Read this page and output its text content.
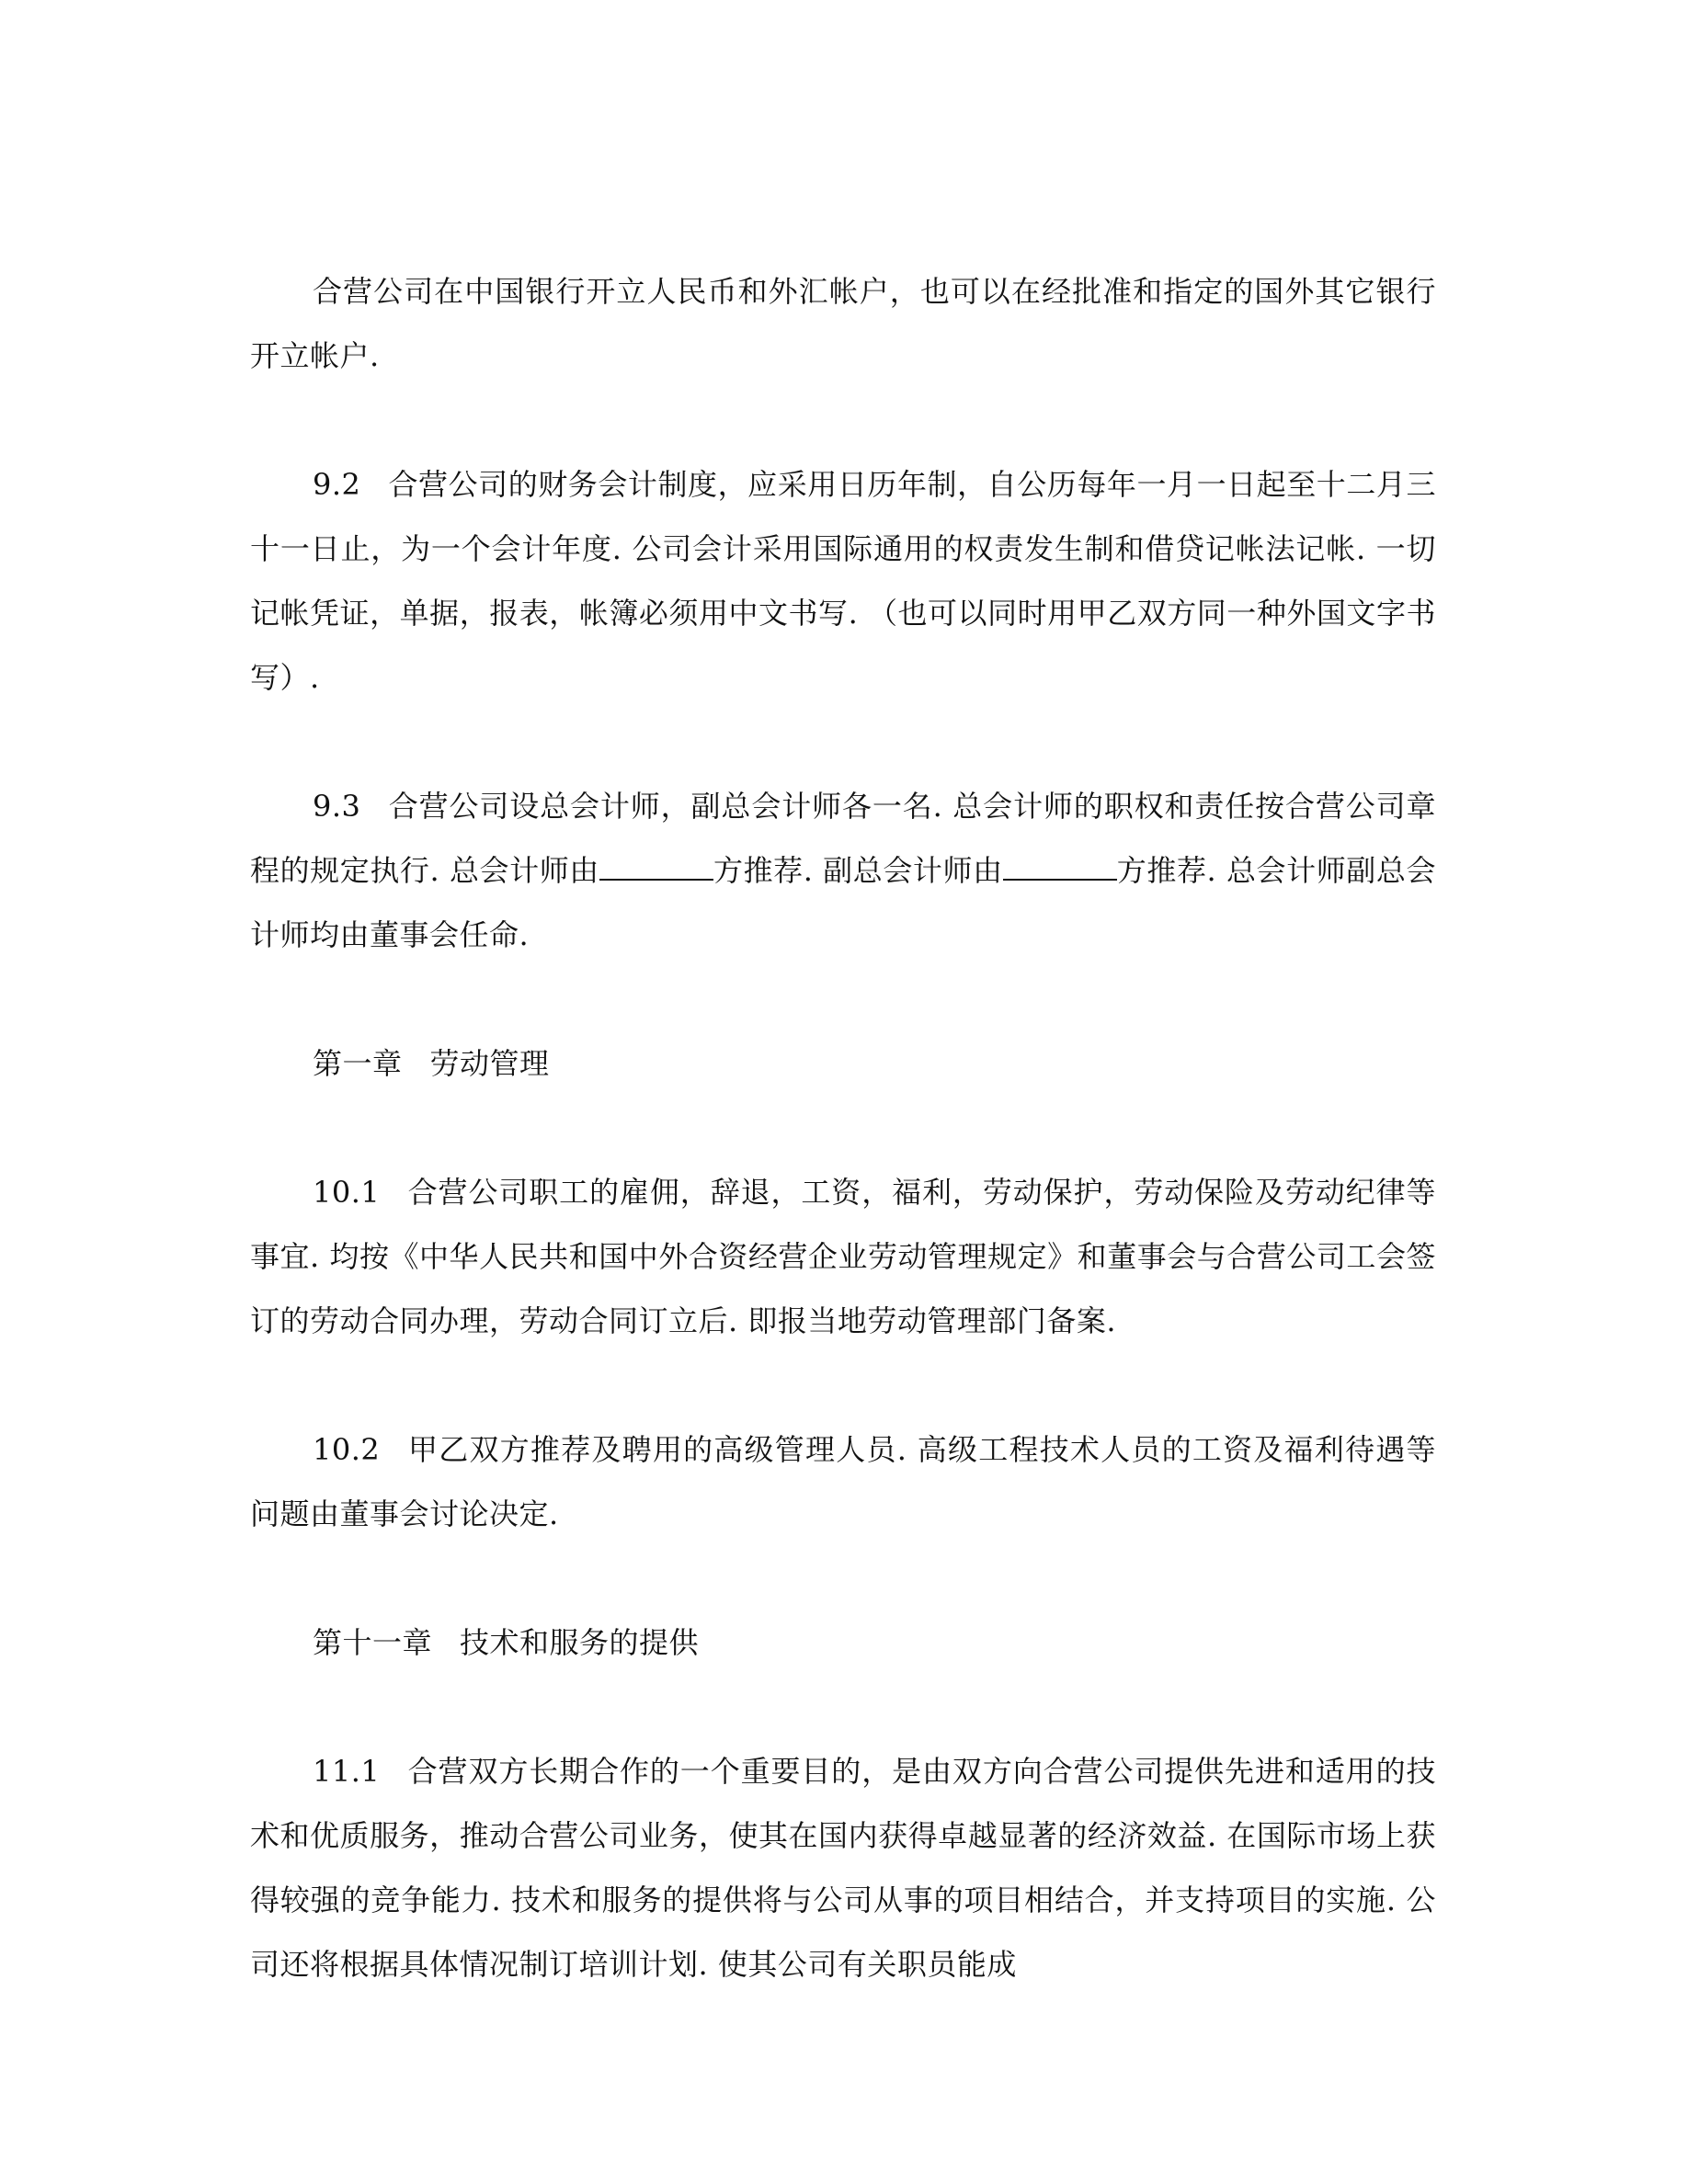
合营公司在中国银行开立人民币和外汇帐户，也可以在经批准和指定的国外其它银行开立帐户.

9.2 合营公司的财务会计制度，应采用日历年制，自公历每年一月一日起至十二月三十一日止，为一个会计年度. 公司会计采用国际通用的权责发生制和借贷记帐法记帐. 一切记帐凭证，单据，报表，帐簿必须用中文书写. （也可以同时用甲乙双方同一种外国文字书写）.

9.3 合营公司设总会计师，副总会计师各一名. 总会计师的职权和责任按合营公司章程的规定执行. 总会计师由	方推荐. 副总会计师由	方推荐. 总会计师副总会计师均由董事会任命.

第一章 劳动管理

10.1 合营公司职工的雇佣，辞退，工资，福利，劳动保护，劳动保险及劳动纪律等事宜. 均按《中华人民共和国中外合资经营企业劳动管理规定》和董事会与合营公司工会签订的劳动合同办理，劳动合同订立后. 即报当地劳动管理部门备案.

10.2 甲乙双方推荐及聘用的高级管理人员. 高级工程技术人员的工资及福利待遇等问题由董事会讨论决定.

第十一章 技术和服务的提供

11.1 合营双方长期合作的一个重要目的，是由双方向合营公司提供先进和适用的技术和优质服务，推动合营公司业务，使其在国内获得卓越显著的经济效益. 在国际市场上获得较强的竞争能力. 技术和服务的提供将与公司从事的项目相结合，并支持项目的实施. 公司还将根据具体情况制订培训计划. 使其公司有关职员能成
